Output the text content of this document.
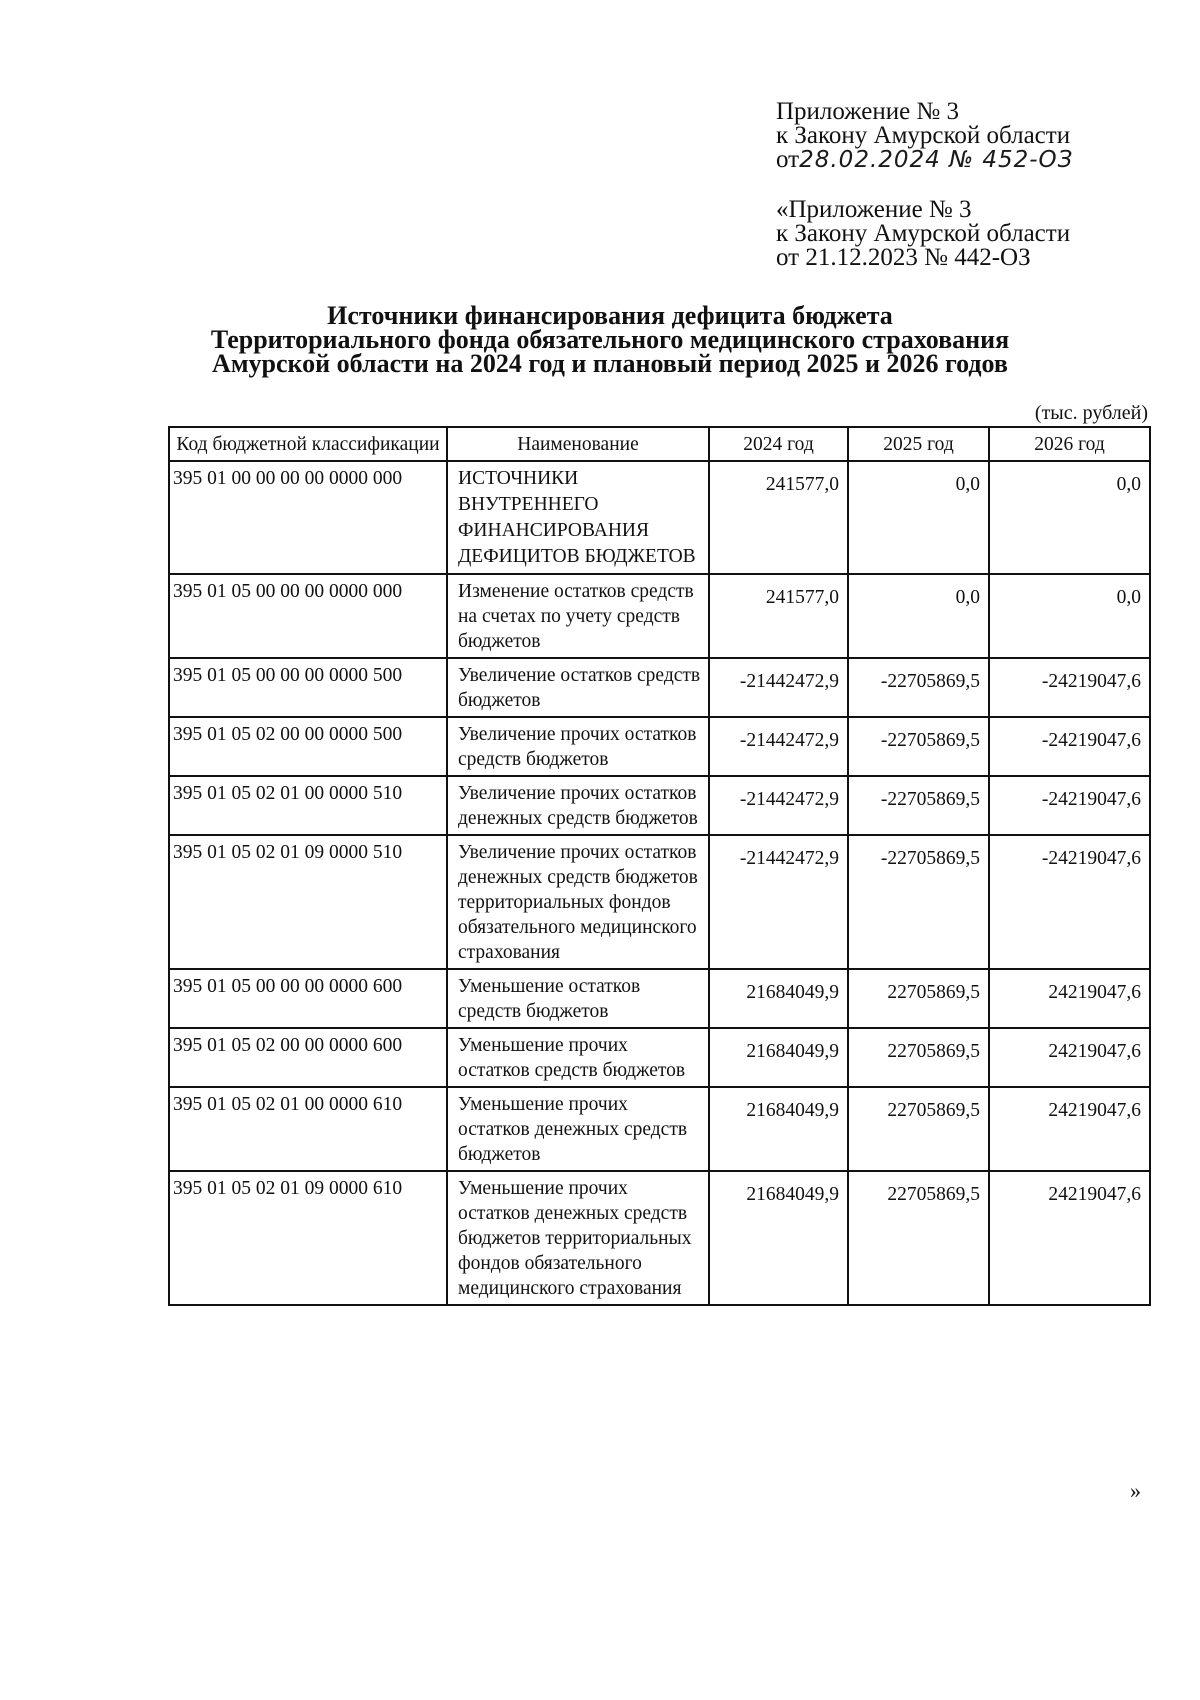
Приложение № 3
к Закону Амурской области
от28.02.2024 № 452-ОЗ
«Приложение № 3
к Закону Амурской области
от 21.12.2023 № 442-ОЗ
Источники финансирования дефицита бюджета
Территориального фонда обязательного медицинского страхования
Амурской области на 2024 год и плановый период 2025 и 2026 годов
(тыс. рублей)
Код бюджетной классификации	Наименование	2024 год	2025 год	2026 год
395 01 00 00 00 00 0000 000	ИСТОЧНИКИ ВНУТРЕННЕГО ФИНАНСИРОВАНИЯ ДЕФИЦИТОВ БЮДЖЕТОВ	241577,0	0,0	0,0
395 01 05 00 00 00 0000 000	Изменение остатков средств на счетах по учету средств бюджетов	241577,0	0,0	0,0
395 01 05 00 00 00 0000 500	Увеличение остатков средств бюджетов	-21442472,9	-22705869,5	-24219047,6
395 01 05 02 00 00 0000 500	Увеличение прочих остатков средств бюджетов	-21442472,9	-22705869,5	-24219047,6
395 01 05 02 01 00 0000 510	Увеличение прочих остатков денежных средств бюджетов	-21442472,9	-22705869,5	-24219047,6
395 01 05 02 01 09 0000 510	Увеличение прочих остатков денежных средств бюджетов территориальных фондов обязательного медицинского страхования	-21442472,9	-22705869,5	-24219047,6
395 01 05 00 00 00 0000 600	Уменьшение остатков средств бюджетов	21684049,9	22705869,5	24219047,6
395 01 05 02 00 00 0000 600	Уменьшение прочих остатков средств бюджетов	21684049,9	22705869,5	24219047,6
395 01 05 02 01 00 0000 610	Уменьшение прочих остатков денежных средств бюджетов	21684049,9	22705869,5	24219047,6
395 01 05 02 01 09 0000 610	Уменьшение прочих остатков денежных средств бюджетов территориальных фондов обязательного медицинского страхования	21684049,9	22705869,5	24219047,6
»
